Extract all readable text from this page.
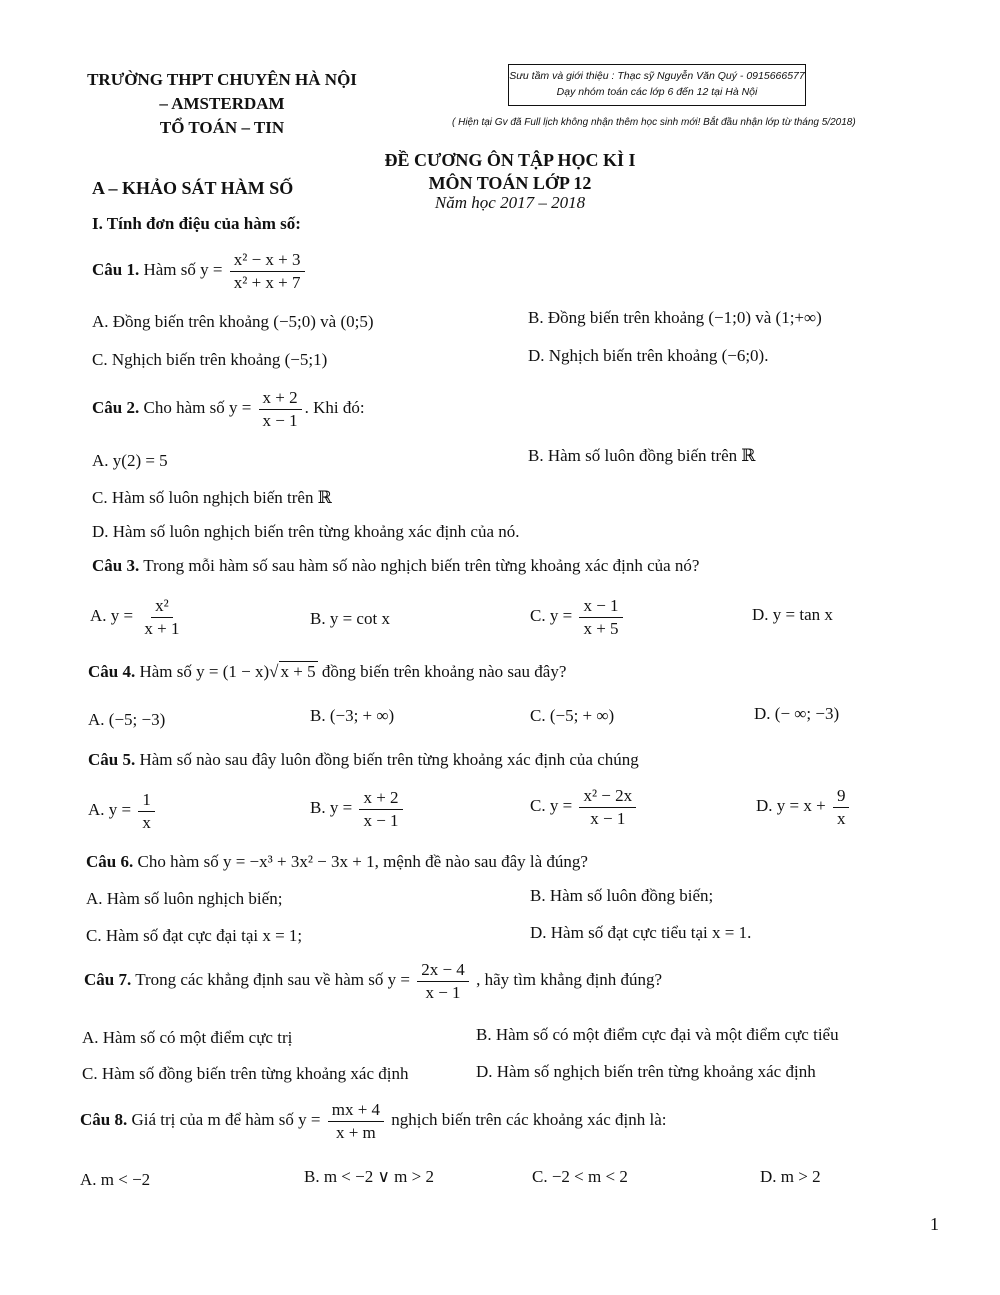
TRƯỜNG THPT CHUYÊN HÀ NỘI
– AMSTERDAM
TỔ TOÁN – TIN
Sưu tầm và giới thiệu : Thạc sỹ Nguyễn Văn Quý - 0915666577
Dạy nhóm toán các lớp 6 đến 12 tại Hà Nội
( Hiện tại Gv đã Full lịch không nhận thêm học sinh mới! Bắt đầu nhận lớp từ tháng 5/2018)
ĐỀ CƯƠNG ÔN TẬP HỌC KÌ I
MÔN TOÁN LỚP 12
Năm học 2017 – 2018
A – KHẢO SÁT HÀM SỐ
I. Tính đơn điệu của hàm số:
Câu 1. Hàm số $y = \frac{\text{x² − x + 3}}{\text{x² + x + 7}}$
A. Đồng biến trên khoảng (−5;0) và (0;5)	B. Đồng biến trên khoảng (−1;0) và (1;+∞)
C. Nghịch biến trên khoảng (−5;1)	D. Nghịch biến trên khoảng (−6;0).
Câu 2. Cho hàm số $y = \frac{x + 2}{x - 1}$ . Khi đó:
A. y(2) = 5	B. Hàm số luôn đồng biến trên ℝ
C. Hàm số luôn nghịch biến trên ℝ
D. Hàm số luôn nghịch biến trên từng khoảng xác định của nó.
Câu 3. Trong mỗi hàm số sau hàm số nào nghịch biến trên từng khoảng xác định của nó?
A. $y = \frac{\text{x²}}{x + 1}$	B. y = cot x	C. $y = \frac{x - 1}{x + 5}$	D. y = tan x
Câu 4. Hàm số y = (1 − x)√ x + 5 đồng biến trên khoảng nào sau đây?
A. (−5; −3)	B. (−3; + ∞)	C. (−5; + ∞)	D. (− ∞; −3)
Câu 5. Hàm số nào sau đây luôn đồng biến trên từng khoảng xác định của chúng
A. $y = \frac{1}{x}$	B. $y = \frac{x + 2}{x - 1}$	C. $y = \frac{\text{x² − 2x}}{x - 1}$	D. $y = x + \frac{9}{x}$
Câu 6. Cho hàm số y = −x³ + 3x² − 3x + 1, mệnh đề nào sau đây là đúng?
A. Hàm số luôn nghịch biến;	B. Hàm số luôn đồng biến;
C. Hàm số đạt cực đại tại x = 1;	D. Hàm số đạt cực tiểu tại x = 1.
Câu 7. Trong các khẳng định sau về hàm số $y = \frac{2x - 4}{x - 1}$ , hãy tìm khẳng định đúng?
A. Hàm số có một điểm cực trị	B. Hàm số có một điểm cực đại và một điểm cực tiểu
C. Hàm số đồng biến trên từng khoảng xác định	D. Hàm số nghịch biến trên từng khoảng xác định
Câu 8. Giá trị của m để hàm số $y = \frac{mx + 4}{x + m}$ nghịch biến trên các khoảng xác định là:
A. m < −2	B. m < −2 ∨ m > 2	C. −2 < m < 2	D. m > 2
1
